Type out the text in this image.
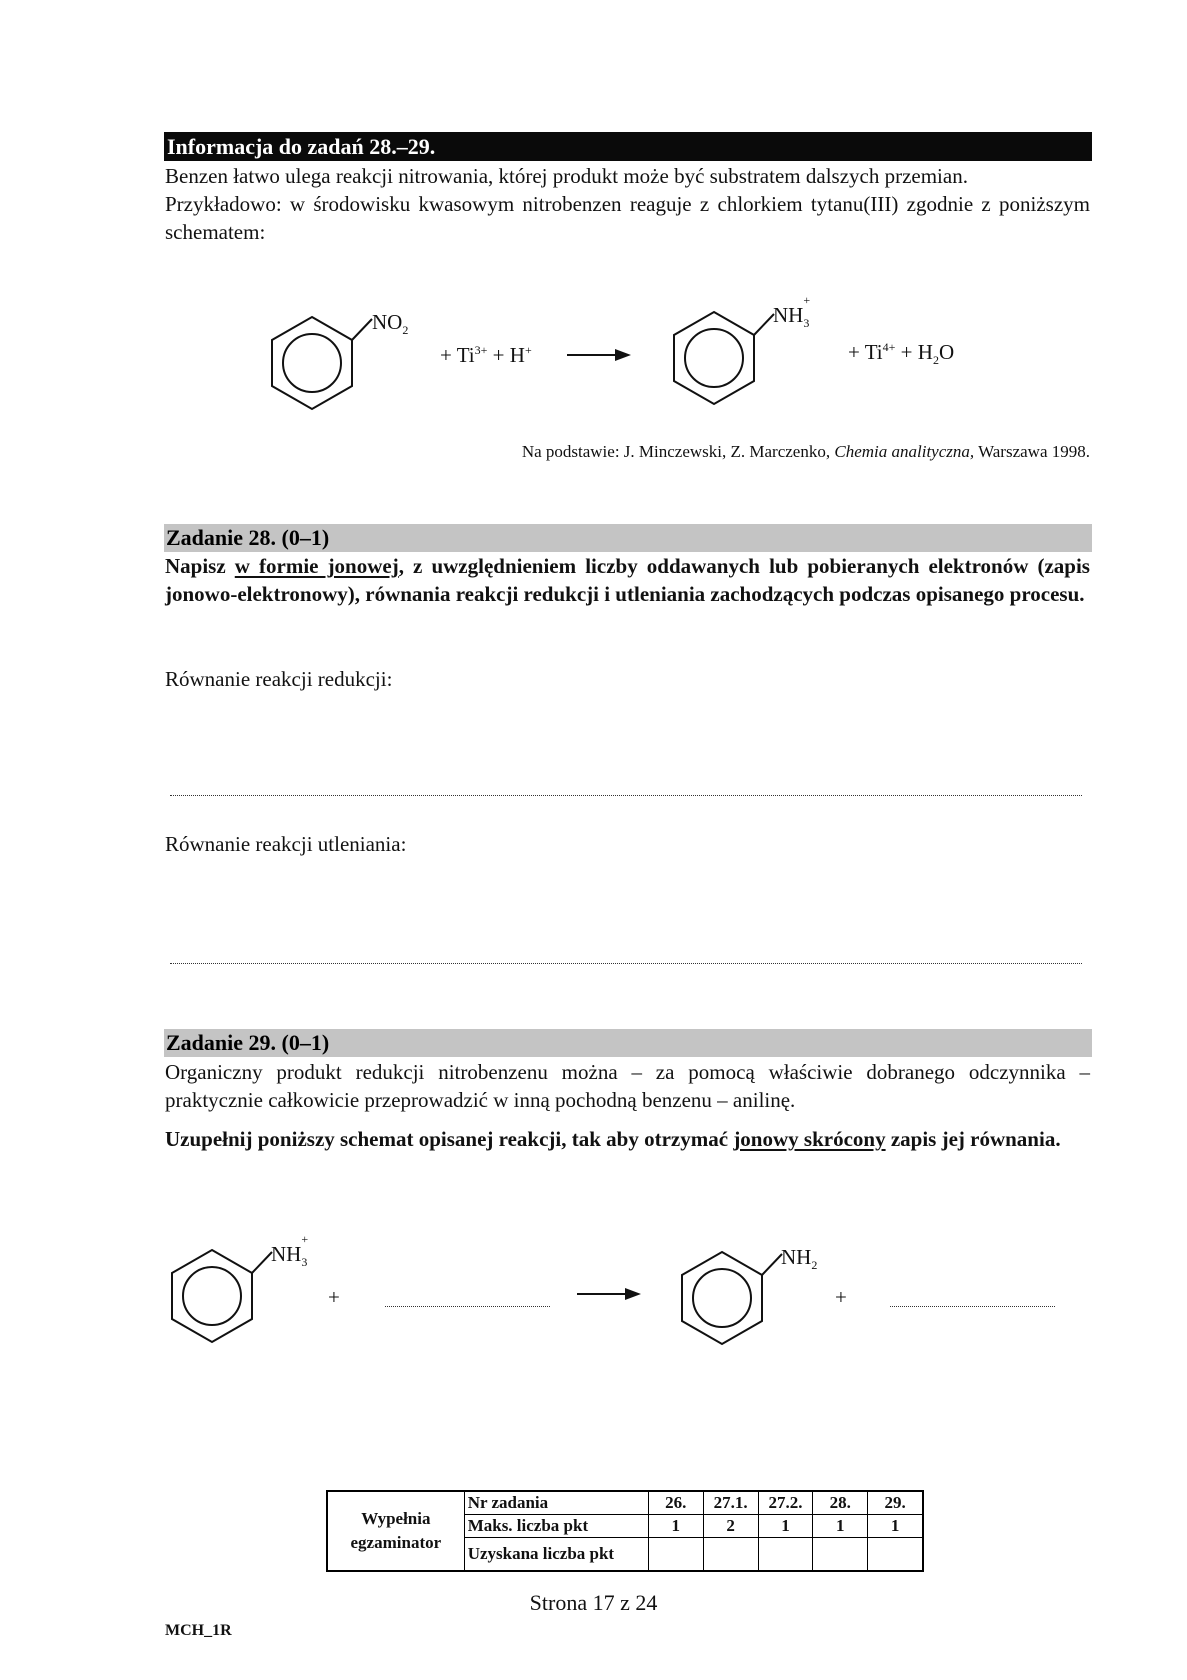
Informacja do zadań 28.–29.
Benzen łatwo ulega reakcji nitrowania, której produkt może być substratem dalszych przemian.
Przykładowo: w środowisku kwasowym nitrobenzen reaguje z chlorkiem tytanu(III) zgodnie z poniższym schematem:
$NO_2$
+ $Ti^{3+} + H^+$
$NH_3^+$
+ $Ti^{4+} + H_2O$
Na podstawie: J. Minczewski, Z. Marczenko, Chemia analityczna, Warszawa 1998.
Zadanie 28. (0–1)
Napisz w formie jonowej, z uwzględnieniem liczby oddawanych lub pobieranych elektronów (zapis jonowo-elektronowy), równania reakcji redukcji i utleniania zachodzących podczas opisanego procesu.
Równanie reakcji redukcji:
Równanie reakcji utleniania:
Zadanie 29. (0–1)
Organiczny produkt redukcji nitrobenzenu można – za pomocą właściwie dobranego odczynnika – praktycznie całkowicie przeprowadzić w inną pochodną benzenu – anilinę.
Uzupełnij poniższy schemat opisanej reakcji, tak aby otrzymać jonowy skrócony zapis jej równania.
$NH_3^+$
+
$NH_2$
+
Wypełnia
egzaminator	Nr zadania	26.	27.1.	27.2.	28.	29.
	Maks. liczba pkt	1	2	1	1	1
	Uzyskana liczba pkt					
Strona 17 z 24
MCH_1R
